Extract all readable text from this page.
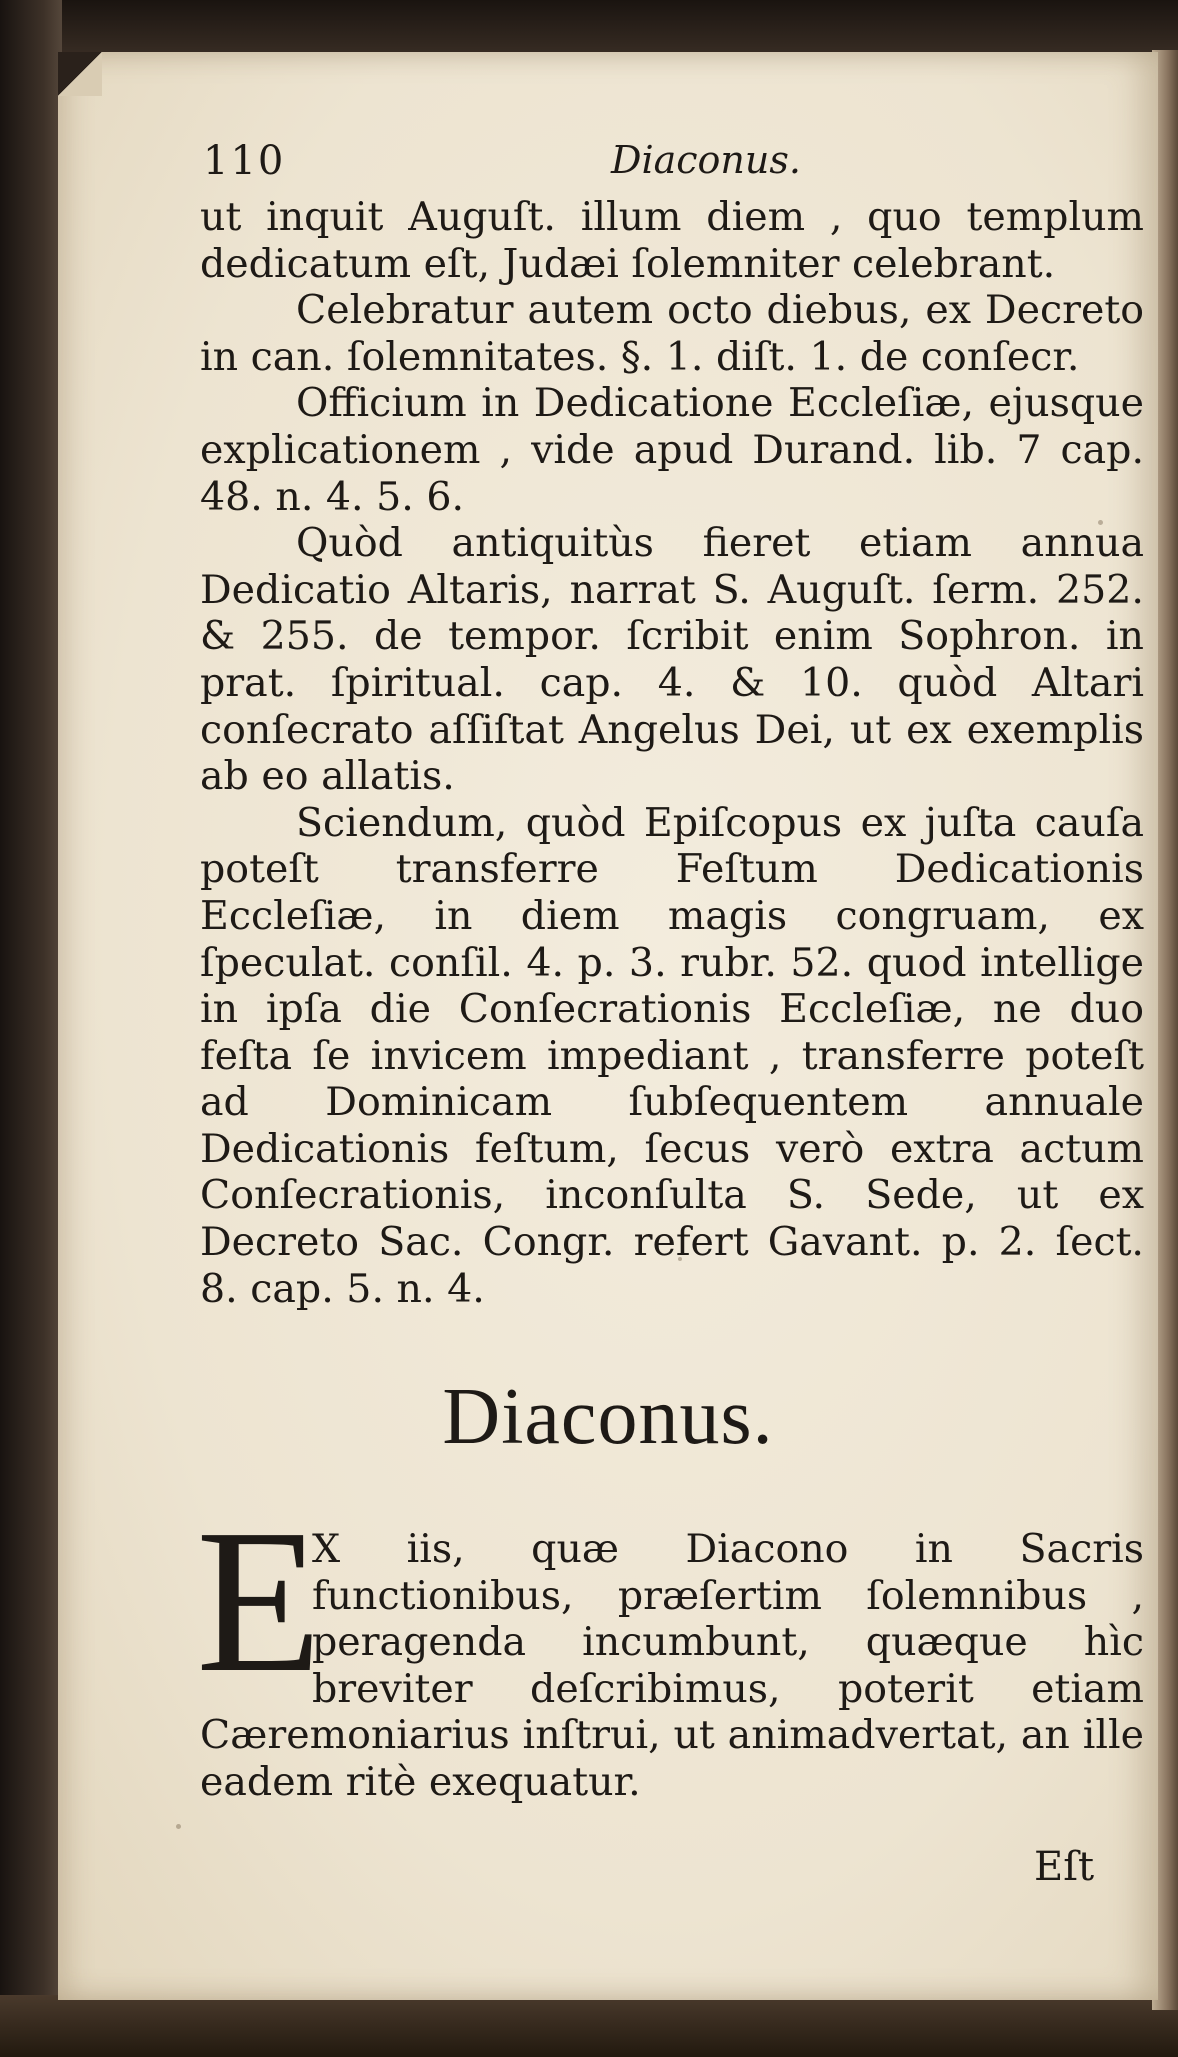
110	Diaconus.

ut inquit Auguſt. illum diem , quo templum dedicatum eſt, Judæi ſolemniter celebrant.

Celebratur autem octo diebus, ex Decreto in can. ſolemnitates. §. 1. diſt. 1. de conſecr.

Officium in Dedicatione Eccleſiæ, ejusque explicationem , vide apud Durand. lib. 7 cap. 48. n. 4. 5. 6.

Quòd antiquitùs fieret etiam annua Dedicatio Altaris, narrat S. Auguſt. ſerm. 252. & 255. de tempor. ſcribit enim Sophron. in prat. ſpiritual. cap. 4. & 10. quòd Altari conſecrato aſſiſtat Angelus Dei, ut ex exemplis ab eo allatis.

Sciendum, quòd Epiſcopus ex juſta cauſa poteſt transferre Feſtum Dedicationis Eccleſiæ, in diem magis congruam, ex ſpeculat. conſil. 4. p. 3. rubr. 52. quod intellige in ipſa die Conſecrationis Eccleſiæ, ne duo feſta ſe invicem impediant , transferre poteſt ad Dominicam ſubſequentem annuale Dedicationis feſtum, ſecus verò extra actum Conſecrationis, inconſulta S. Sede, ut ex Decreto Sac. Congr. refert Gavant. p. 2. ſect. 8. cap. 5. n. 4.

Diaconus.
E
X iis, quæ Diacono in Sacris functionibus, præſertim ſolemnibus , peragenda incumbunt, quæque hìc breviter deſcribimus, poterit etiam Cæremoniarius inſtrui, ut animadvertat, an ille eadem ritè exequatur.
Eſt
